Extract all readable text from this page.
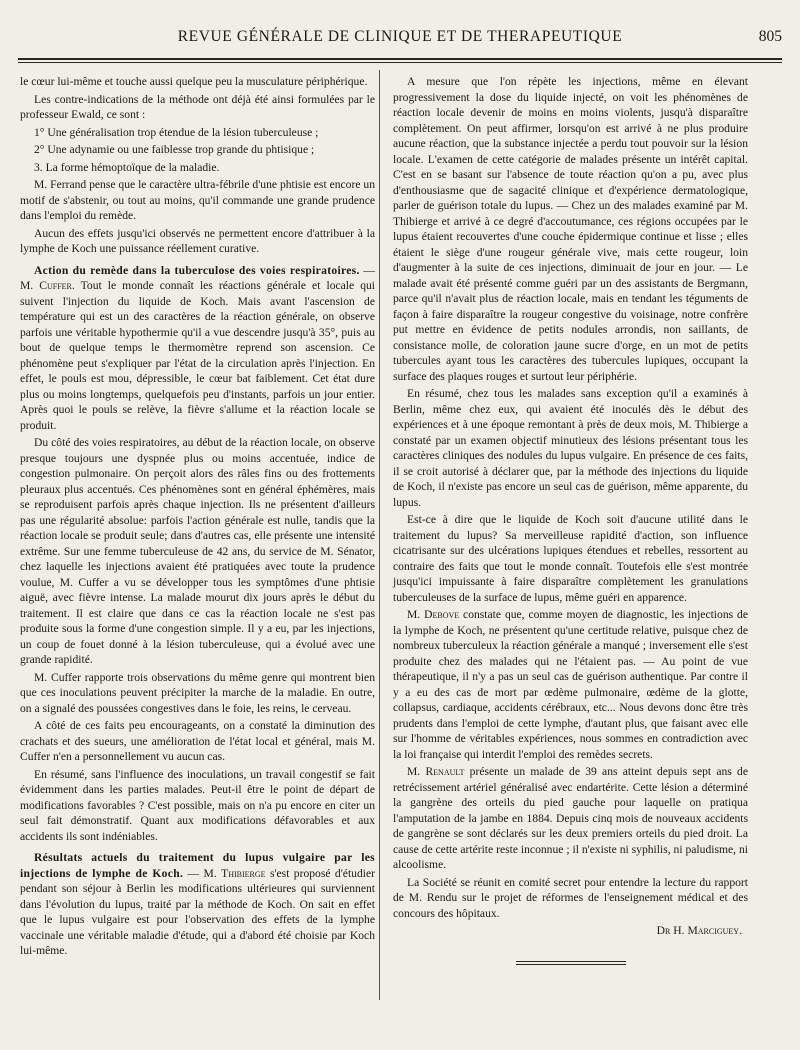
REVUE GÉNÉRALE DE CLINIQUE ET DE THERAPEUTIQUE	805

le cœur lui-même et touche aussi quelque peu la musculature périphérique.

Les contre-indications de la méthode ont déjà été ainsi formulées par le professeur Ewald, ce sont :

1° Une généralisation trop étendue de la lésion tuberculeuse ;

2° Une adynamie ou une faiblesse trop grande du phtisique ;

3. La forme hémoptoïque de la maladie.

M. Ferrand pense que le caractère ultra-fébrile d'une phtisie est encore un motif de s'abstenir, ou tout au moins, qu'il commande une grande prudence dans l'emploi du remède.

Aucun des effets jusqu'ici observés ne permettent encore d'attribuer à la lymphe de Koch une puissance réellement curative.

Action du remède dans la tuberculose des voies respiratoires. — M. Cuffer. Tout le monde connaît les réactions générale et locale qui suivent l'injection du liquide de Koch. Mais avant l'ascension de température qui est un des caractères de la réaction générale, on observe parfois une véritable hypothermie qu'il a vue descendre jusqu'à 35°, puis au bout de quelque temps le thermomètre reprend son ascension. Ce phénomène peut s'expliquer par l'état de la circulation après l'injection. En effet, le pouls est mou, dépressible, le cœur bat faiblement. Cet état dure plus ou moins longtemps, quelquefois peu d'instants, parfois un jour entier. Après quoi le pouls se relève, la fièvre s'allume et la réaction locale se produit.

Du côté des voies respiratoires, au début de la réaction locale, on observe presque toujours une dyspnée plus ou moins accentuée, indice de congestion pulmonaire. On perçoit alors des râles fins ou des frottements pleuraux plus accentués. Ces phénomènes sont en général éphémères, mais se reproduisent parfois après chaque injection. Ils ne présentent d'ailleurs pas une régularité absolue: parfois l'action générale est nulle, tandis que la réaction locale se produit seule; dans d'autres cas, elle présente une intensité extrême. Sur une femme tuberculeuse de 42 ans, du service de M. Sénator, chez laquelle les injections avaient été pratiquées avec toute la prudence voulue, M. Cuffer a vu se développer tous les symptômes d'une phtisie aiguë, avec fièvre intense. La malade mourut dix jours après le début du traitement. Il est claire que dans ce cas la réaction locale ne s'est pas produite sous la forme d'une congestion simple. Il y a eu, par les injections, un coup de fouet donné à la lésion tuberculeuse, qui a évolué avec une grande rapidité.

M. Cuffer rapporte trois observations du même genre qui montrent bien que ces inoculations peuvent précipiter la marche de la maladie. En outre, on a signalé des poussées congestives dans le foie, les reins, le cerveau.

A côté de ces faits peu encourageants, on a constaté la diminution des crachats et des sueurs, une amélioration de l'état local et général, mais M. Cuffer n'en a personnellement vu aucun cas.

En résumé, sans l'influence des inoculations, un travail congestif se fait évidemment dans les parties malades. Peut-il être le point de départ de modifications favorables ? C'est possible, mais on n'a pu encore en citer un seul fait démonstratif. Quant aux modifications défavorables et aux accidents ils sont indéniables.

Résultats actuels du traitement du lupus vulgaire par les injections de lymphe de Koch. — M. Thibierge s'est proposé d'étudier pendant son séjour à Berlin les modifications ultérieures qui surviennent dans l'évolution du lupus, traité par la méthode de Koch. On sait en effet que le lupus vulgaire est pour l'observation des effets de la lymphe vaccinale une véritable maladie d'étude, qui a d'abord été choisie par Koch lui-même.

A mesure que l'on répète les injections, même en élevant progressivement la dose du liquide injecté, on voit les phénomènes de réaction locale devenir de moins en moins violents, jusqu'à disparaître complètement. On peut affirmer, lorsqu'on est arrivé à ne plus produire aucune réaction, que la substance injectée a perdu tout pouvoir sur la lésion locale. L'examen de cette catégorie de malades présente un intérêt capital. C'est en se basant sur l'absence de toute réaction qu'on a pu, avec plus d'enthousiasme que de sagacité clinique et d'expérience dermatologique, parler de guérison totale du lupus. — Chez un des malades examiné par M. Thibierge et arrivé à ce degré d'accoutumance, ces régions occupées par le lupus étaient recouvertes d'une couche épidermique continue et lisse ; elles étaient le siège d'une rougeur générale vive, mais cette rougeur, loin d'augmenter à la suite de ces injections, diminuait de jour en jour. — Le malade avait été présenté comme guéri par un des assistants de Bergmann, parce qu'il n'avait plus de réaction locale, mais en tendant les téguments de façon à faire disparaître la rougeur congestive du voisinage, notre confrère put mettre en évidence de petits nodules arrondis, non saillants, de consistance molle, de coloration jaune sucre d'orge, en un mot de petits tubercules ayant tous les caractères des tubercules lupiques, occupant la surface des plaques rouges et surtout leur périphérie.

En résumé, chez tous les malades sans exception qu'il a examinés à Berlin, même chez eux, qui avaient été inoculés dès le début des expériences et à une époque remontant à près de deux mois, M. Thibierge a constaté par un examen objectif minutieux des lésions présentant tous les caractères cliniques des nodules du lupus vulgaire. En présence de ces faits, il se croit autorisé à déclarer que, par la méthode des injections du liquide de Koch, il n'existe pas encore un seul cas de guérison, même apparente, du lupus.

Est-ce à dire que le liquide de Koch soit d'aucune utilité dans le traitement du lupus? Sa merveilleuse rapidité d'action, son influence cicatrisante sur des ulcérations lupiques étendues et rebelles, ressortent au contraire des faits que tout le monde connaît. Toutefois elle s'est montrée jusqu'ici impuissante à faire disparaître complètement les granulations tuberculeuses de la surface de lupus, même guéri en apparence.

M. Debove constate que, comme moyen de diagnostic, les injections de la lymphe de Koch, ne présentent qu'une certitude relative, puisque chez de nombreux tuberculeux la réaction générale a manqué ; inversement elle s'est produite chez des malades qui ne l'étaient pas. — Au point de vue thérapeutique, il n'y a pas un seul cas de guérison authentique. Par contre il y a eu des cas de mort par œdème pulmonaire, œdème de la glotte, collapsus, cardiaque, accidents cérébraux, etc... Nous devons donc être très prudents dans l'emploi de cette lymphe, d'autant plus, que faisant avec elle sur l'homme de véritables expériences, nous sommes en contradiction avec la loi française qui interdit l'emploi des remèdes secrets.

M. Renault présente un malade de 39 ans atteint depuis sept ans de retrécissement artériel généralisé avec endartérite. Cette lésion a déterminé la gangrène des orteils du pied gauche pour laquelle on pratiqua l'amputation de la jambe en 1884. Depuis cinq mois de nouveaux accidents de gangrène se sont déclarés sur les deux premiers orteils du pied droit. La cause de cette artérite reste inconnue ; il n'existe ni syphilis, ni paludisme, ni alcoolisme.

La Société se réunit en comité secret pour entendre la lecture du rapport de M. Rendu sur le projet de réformes de l'enseignement médical et des concours des hôpitaux.

Dr H. Marciguey.
